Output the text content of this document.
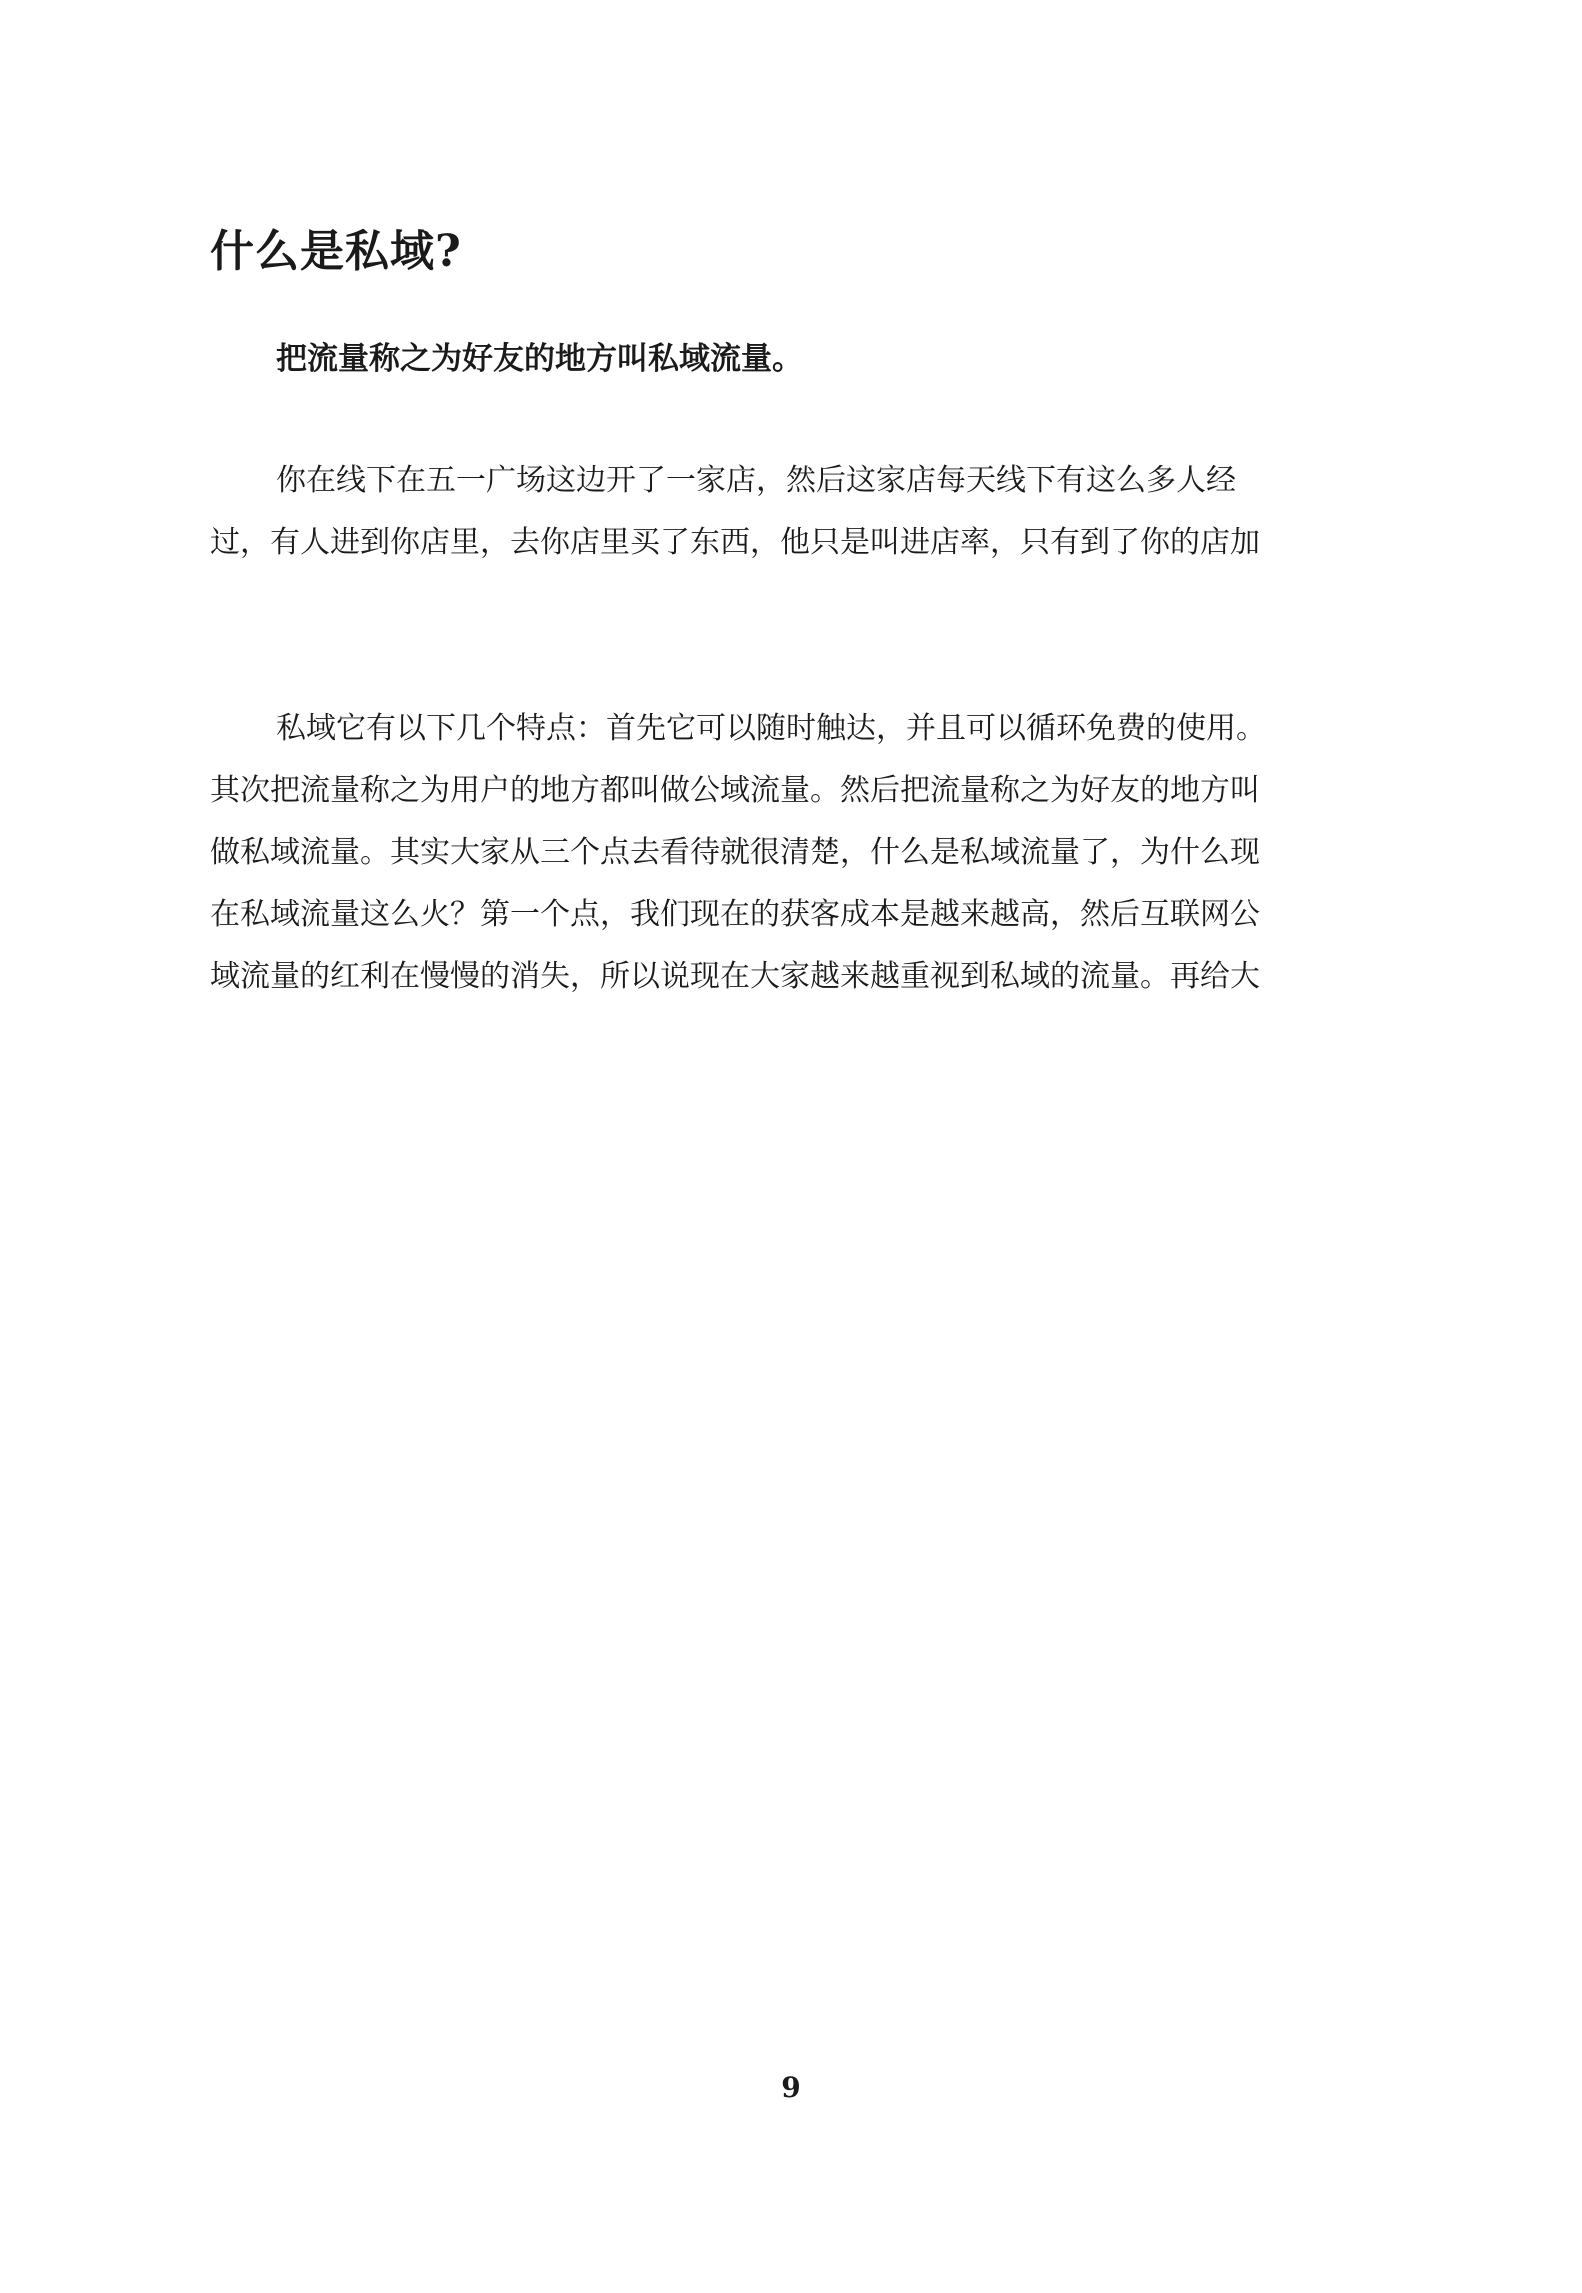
什么是私域?
把流量称之为好友的地方叫私域流量。
你在线下在五一广场这边开了一家店，然后这家店每天线下有这么多人经
过，有人进到你店里，去你店里买了东西，他只是叫进店率，只有到了你的店加
私域它有以下几个特点：首先它可以随时触达，并且可以循环免费的使用。
其次把流量称之为用户的地方都叫做公域流量。然后把流量称之为好友的地方叫
做私域流量。其实大家从三个点去看待就很清楚，什么是私域流量了，为什么现
在私域流量这么火？第一个点，我们现在的获客成本是越来越高，然后互联网公
域流量的红利在慢慢的消失，所以说现在大家越来越重视到私域的流量。再给大
9
